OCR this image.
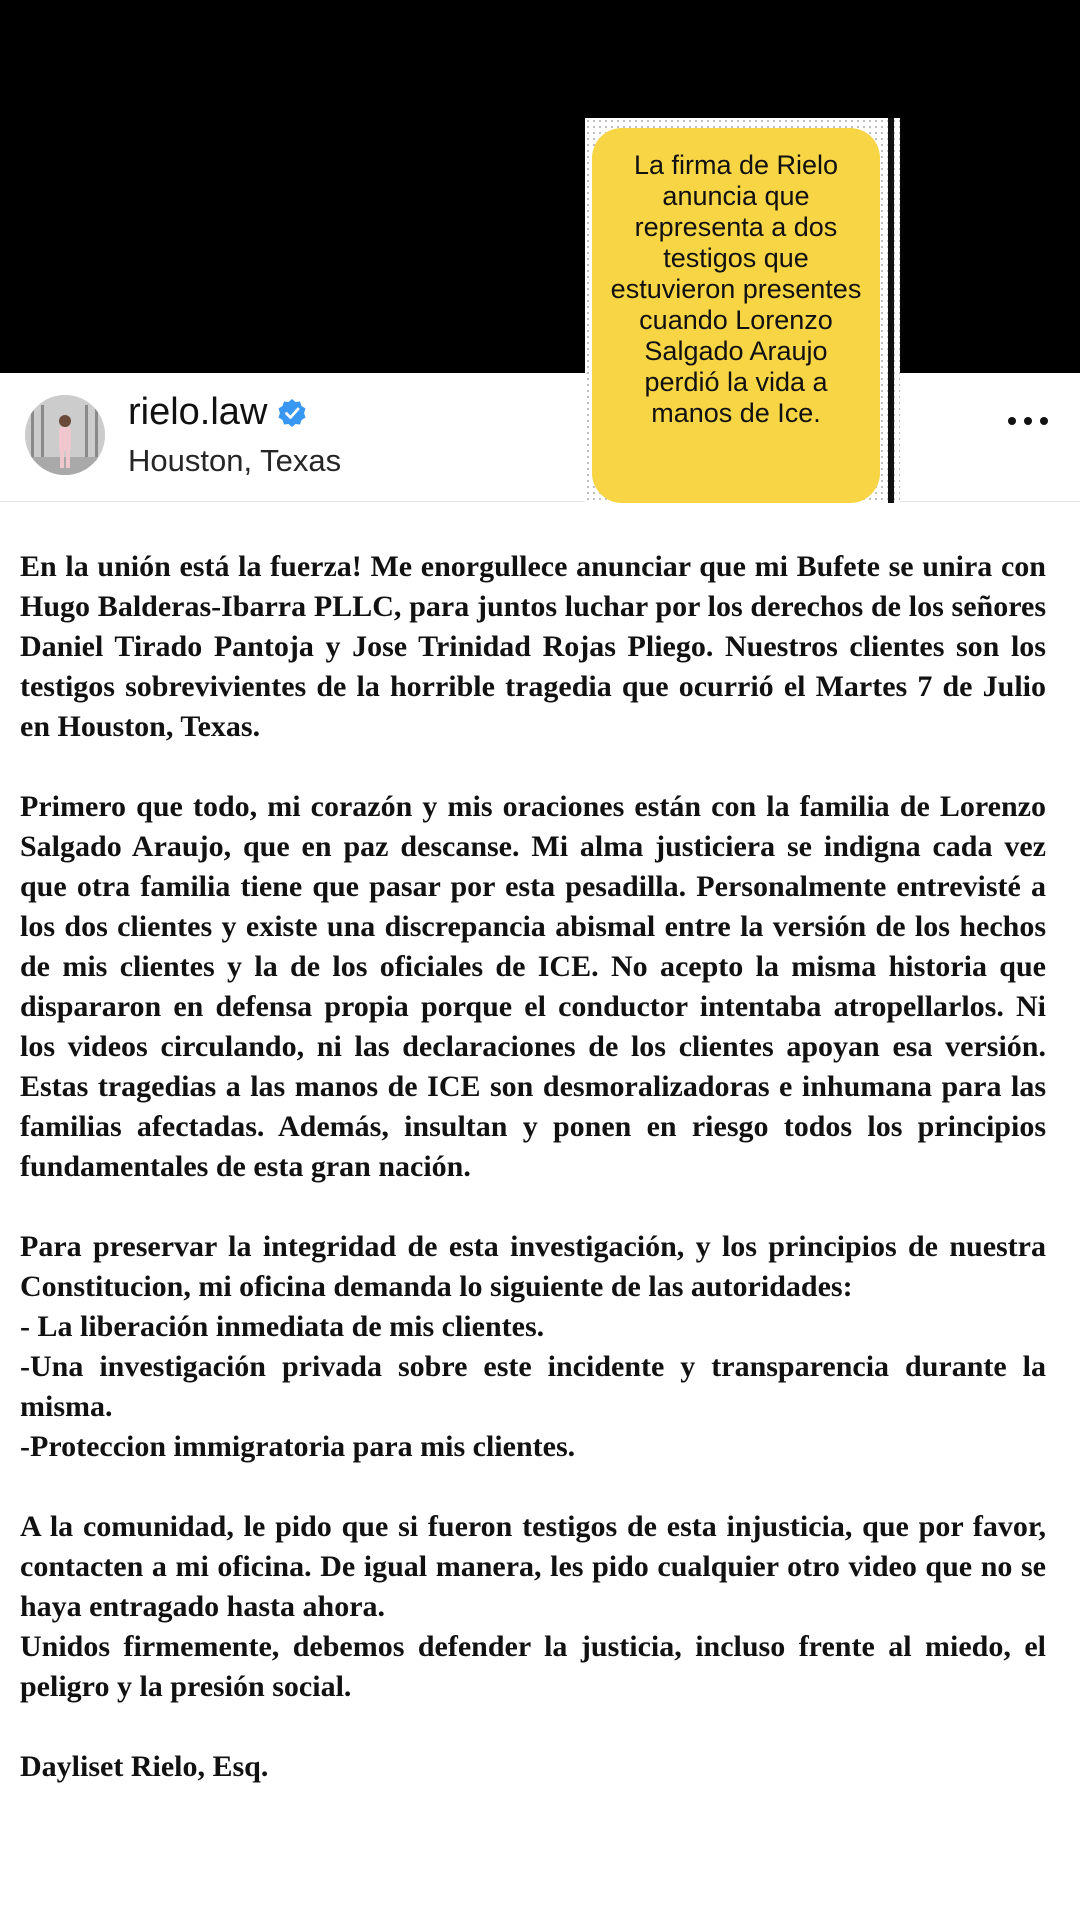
rielo.law
Houston, Texas
La firma de Rielo anuncia que representa a dos testigos que estuvieron presentes cuando Lorenzo Salgado Araujo perdió la vida a manos de Ice.

En la unión está la fuerza! Me enorgullece anunciar que mi Bufete se unira con Hugo Balderas-Ibarra PLLC, para juntos luchar por los derechos de los señores Daniel Tirado Pantoja y Jose Trinidad Rojas Pliego. Nuestros clientes son los testigos sobrevivientes de la horrible tragedia que ocurrió el Martes 7 de Julio en Houston, Texas.

Primero que todo, mi corazón y mis oraciones están con la familia de Lorenzo Salgado Araujo, que en paz descanse. Mi alma justiciera se indigna cada vez que otra familia tiene que pasar por esta pesadilla. Personalmente entrevisté a los dos clientes y existe una discrepancia abismal entre la versión de los hechos de mis clientes y la de los oficiales de ICE. No acepto la misma historia que dispararon en defensa propia porque el conductor intentaba atropellarlos. Ni los videos circulando, ni las declaraciones de los clientes apoyan esa versión. Estas tragedias a las manos de ICE son desmoralizadoras e inhumana para las familias afectadas. Además, insultan y ponen en riesgo todos los principios fundamentales de esta gran nación.

Para preservar la integridad de esta investigación, y los principios de nuestra Constitucion, mi oficina demanda lo siguiente de las autoridades:
- La liberación inmediata de mis clientes.
-Una investigación privada sobre este incidente y transparencia durante la misma.
-Proteccion immigratoria para mis clientes.

A la comunidad, le pido que si fueron testigos de esta injusticia, que por favor, contacten a mi oficina. De igual manera, les pido cualquier otro video que no se haya entragado hasta ahora.
Unidos firmemente, debemos defender la justicia, incluso frente al miedo, el peligro y la presión social.

Dayliset Rielo, Esq.
